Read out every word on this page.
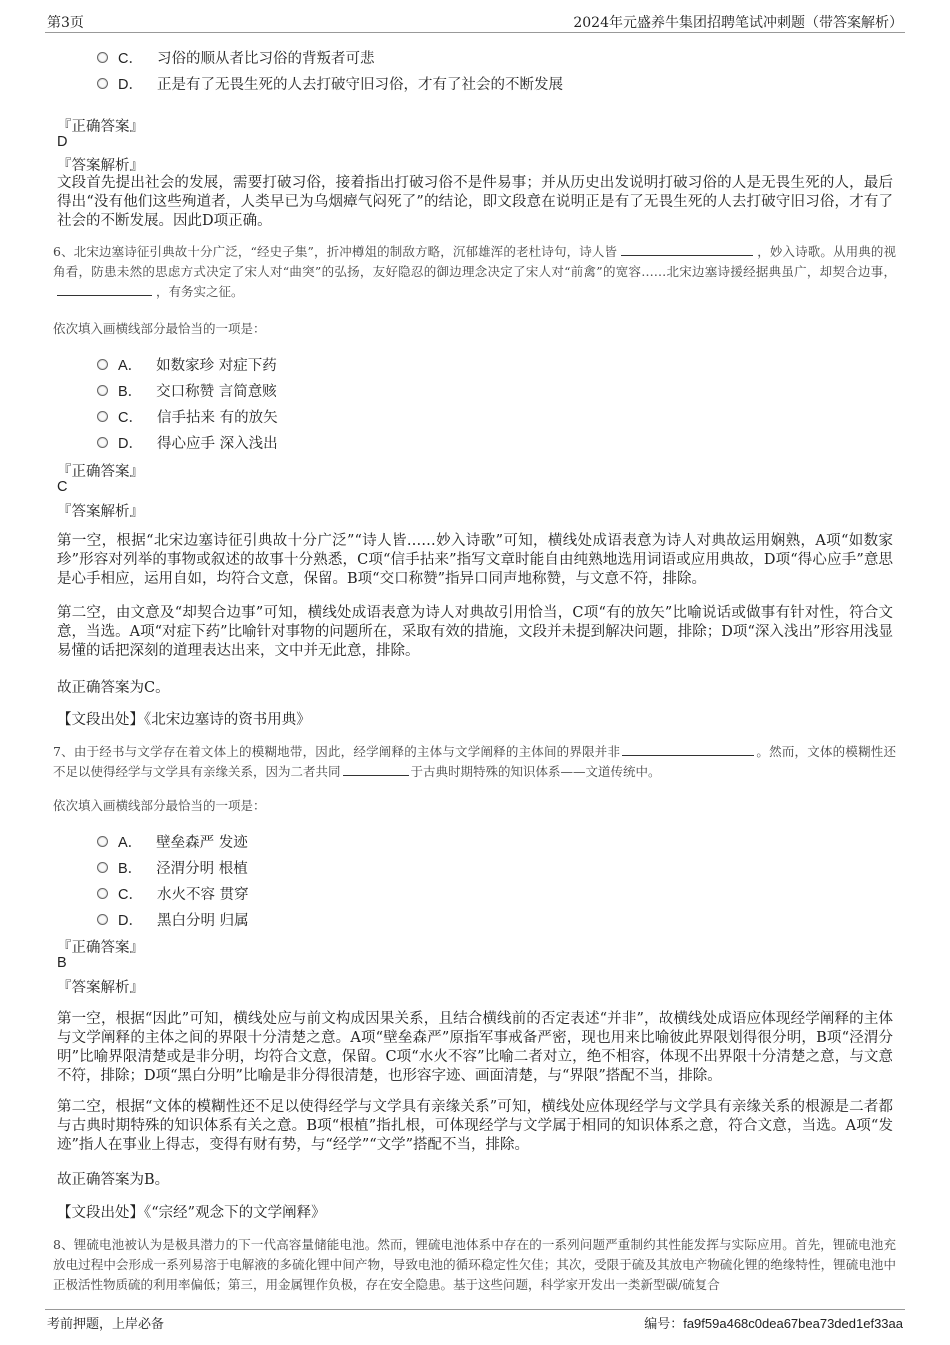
第3页	2024年元盛养牛集团招聘笔试冲刺题（带答案解析）
C． 习俗的顺从者比习俗的背叛者可悲
D． 正是有了无畏生死的人去打破守旧习俗，才有了社会的不断发展
『正确答案』
D
『答案解析』
文段首先提出社会的发展，需要打破习俗，接着指出打破习俗不是件易事；并从历史出发说明打破习俗的人是无畏生死的人，最后得出“没有他们这些殉道者，人类早已为乌烟瘴气闷死了”的结论，即文段意在说明正是有了无畏生死的人去打破守旧习俗，才有了社会的不断发展。因此D项正确。
6、北宋边塞诗征引典故十分广泛，“经史子集”，折冲樽俎的制敌方略，沉郁雄浑的老杜诗句，诗人皆	，妙入诗歌。从用典的视角看，防患未然的思虑方式决定了宋人对“曲突”的弘扬，友好隐忍的御边理念决定了宋人对“前禽”的宽容……北宋边塞诗援经据典虽广，却契合边事，，有务实之征。
依次填入画横线部分最恰当的一项是：
A． 如数家珍 对症下药
B． 交口称赞 言简意赅
C． 信手拈来 有的放矢
D． 得心应手 深入浅出
『正确答案』
C
『答案解析』
第一空，根据“北宋边塞诗征引典故十分广泛”“诗人皆……妙入诗歌”可知，横线处成语表意为诗人对典故运用娴熟，A项“如数家珍”形容对列举的事物或叙述的故事十分熟悉，C项“信手拈来”指写文章时能自由纯熟地选用词语或应用典故，D项“得心应手”意思是心手相应，运用自如，均符合文意，保留。B项“交口称赞”指异口同声地称赞，与文意不符，排除。
第二空，由文意及“却契合边事”可知，横线处成语表意为诗人对典故引用恰当，C项“有的放矢”比喻说话或做事有针对性，符合文意，当选。A项“对症下药”比喻针对事物的问题所在，采取有效的措施，文段并未提到解决问题，排除；D项“深入浅出”形容用浅显易懂的话把深刻的道理表达出来，文中并无此意，排除。
故正确答案为C。
【文段出处】《北宋边塞诗的资书用典》
7、由于经书与文学存在着文体上的模糊地带，因此，经学阐释的主体与文学阐释的主体间的界限并非	。然而，文体的模糊性还不足以使得经学与文学具有亲缘关系，因为二者共同	于古典时期特殊的知识体系——文道传统中。
依次填入画横线部分最恰当的一项是：
A． 壁垒森严 发迹
B． 泾渭分明 根植
C． 水火不容 贯穿
D． 黑白分明 归属
『正确答案』
B
『答案解析』
第一空，根据“因此”可知，横线处应与前文构成因果关系，且结合横线前的否定表述“并非”，故横线处成语应体现经学阐释的主体与文学阐释的主体之间的界限十分清楚之意。A项“壁垒森严”原指军事戒备严密，现也用来比喻彼此界限划得很分明，B项“泾渭分明”比喻界限清楚或是非分明，均符合文意，保留。C项“水火不容”比喻二者对立，绝不相容，体现不出界限十分清楚之意，与文意不符，排除；D项“黑白分明”比喻是非分得很清楚，也形容字迹、画面清楚，与“界限”搭配不当，排除。
第二空，根据“文体的模糊性还不足以使得经学与文学具有亲缘关系”可知，横线处应体现经学与文学具有亲缘关系的根源是二者都与古典时期特殊的知识体系有关之意。B项“根植”指扎根，可体现经学与文学属于相同的知识体系之意，符合文意，当选。A项“发迹”指人在事业上得志，变得有财有势，与“经学”“文学”搭配不当，排除。
故正确答案为B。
【文段出处】《“宗经”观念下的文学阐释》
8、锂硫电池被认为是极具潜力的下一代高容量储能电池。然而，锂硫电池体系中存在的一系列问题严重制约其性能发挥与实际应用。首先，锂硫电池充放电过程中会形成一系列易溶于电解液的多硫化锂中间产物，导致电池的循环稳定性欠佳；其次，受限于硫及其放电产物硫化锂的绝缘特性，锂硫电池中正极活性物质硫的利用率偏低；第三，用金属锂作负极，存在安全隐患。基于这些问题，科学家开发出一类新型碳/硫复合
考前押题，上岸必备	编号：fa9f59a468c0dea67bea73ded1ef33aa
